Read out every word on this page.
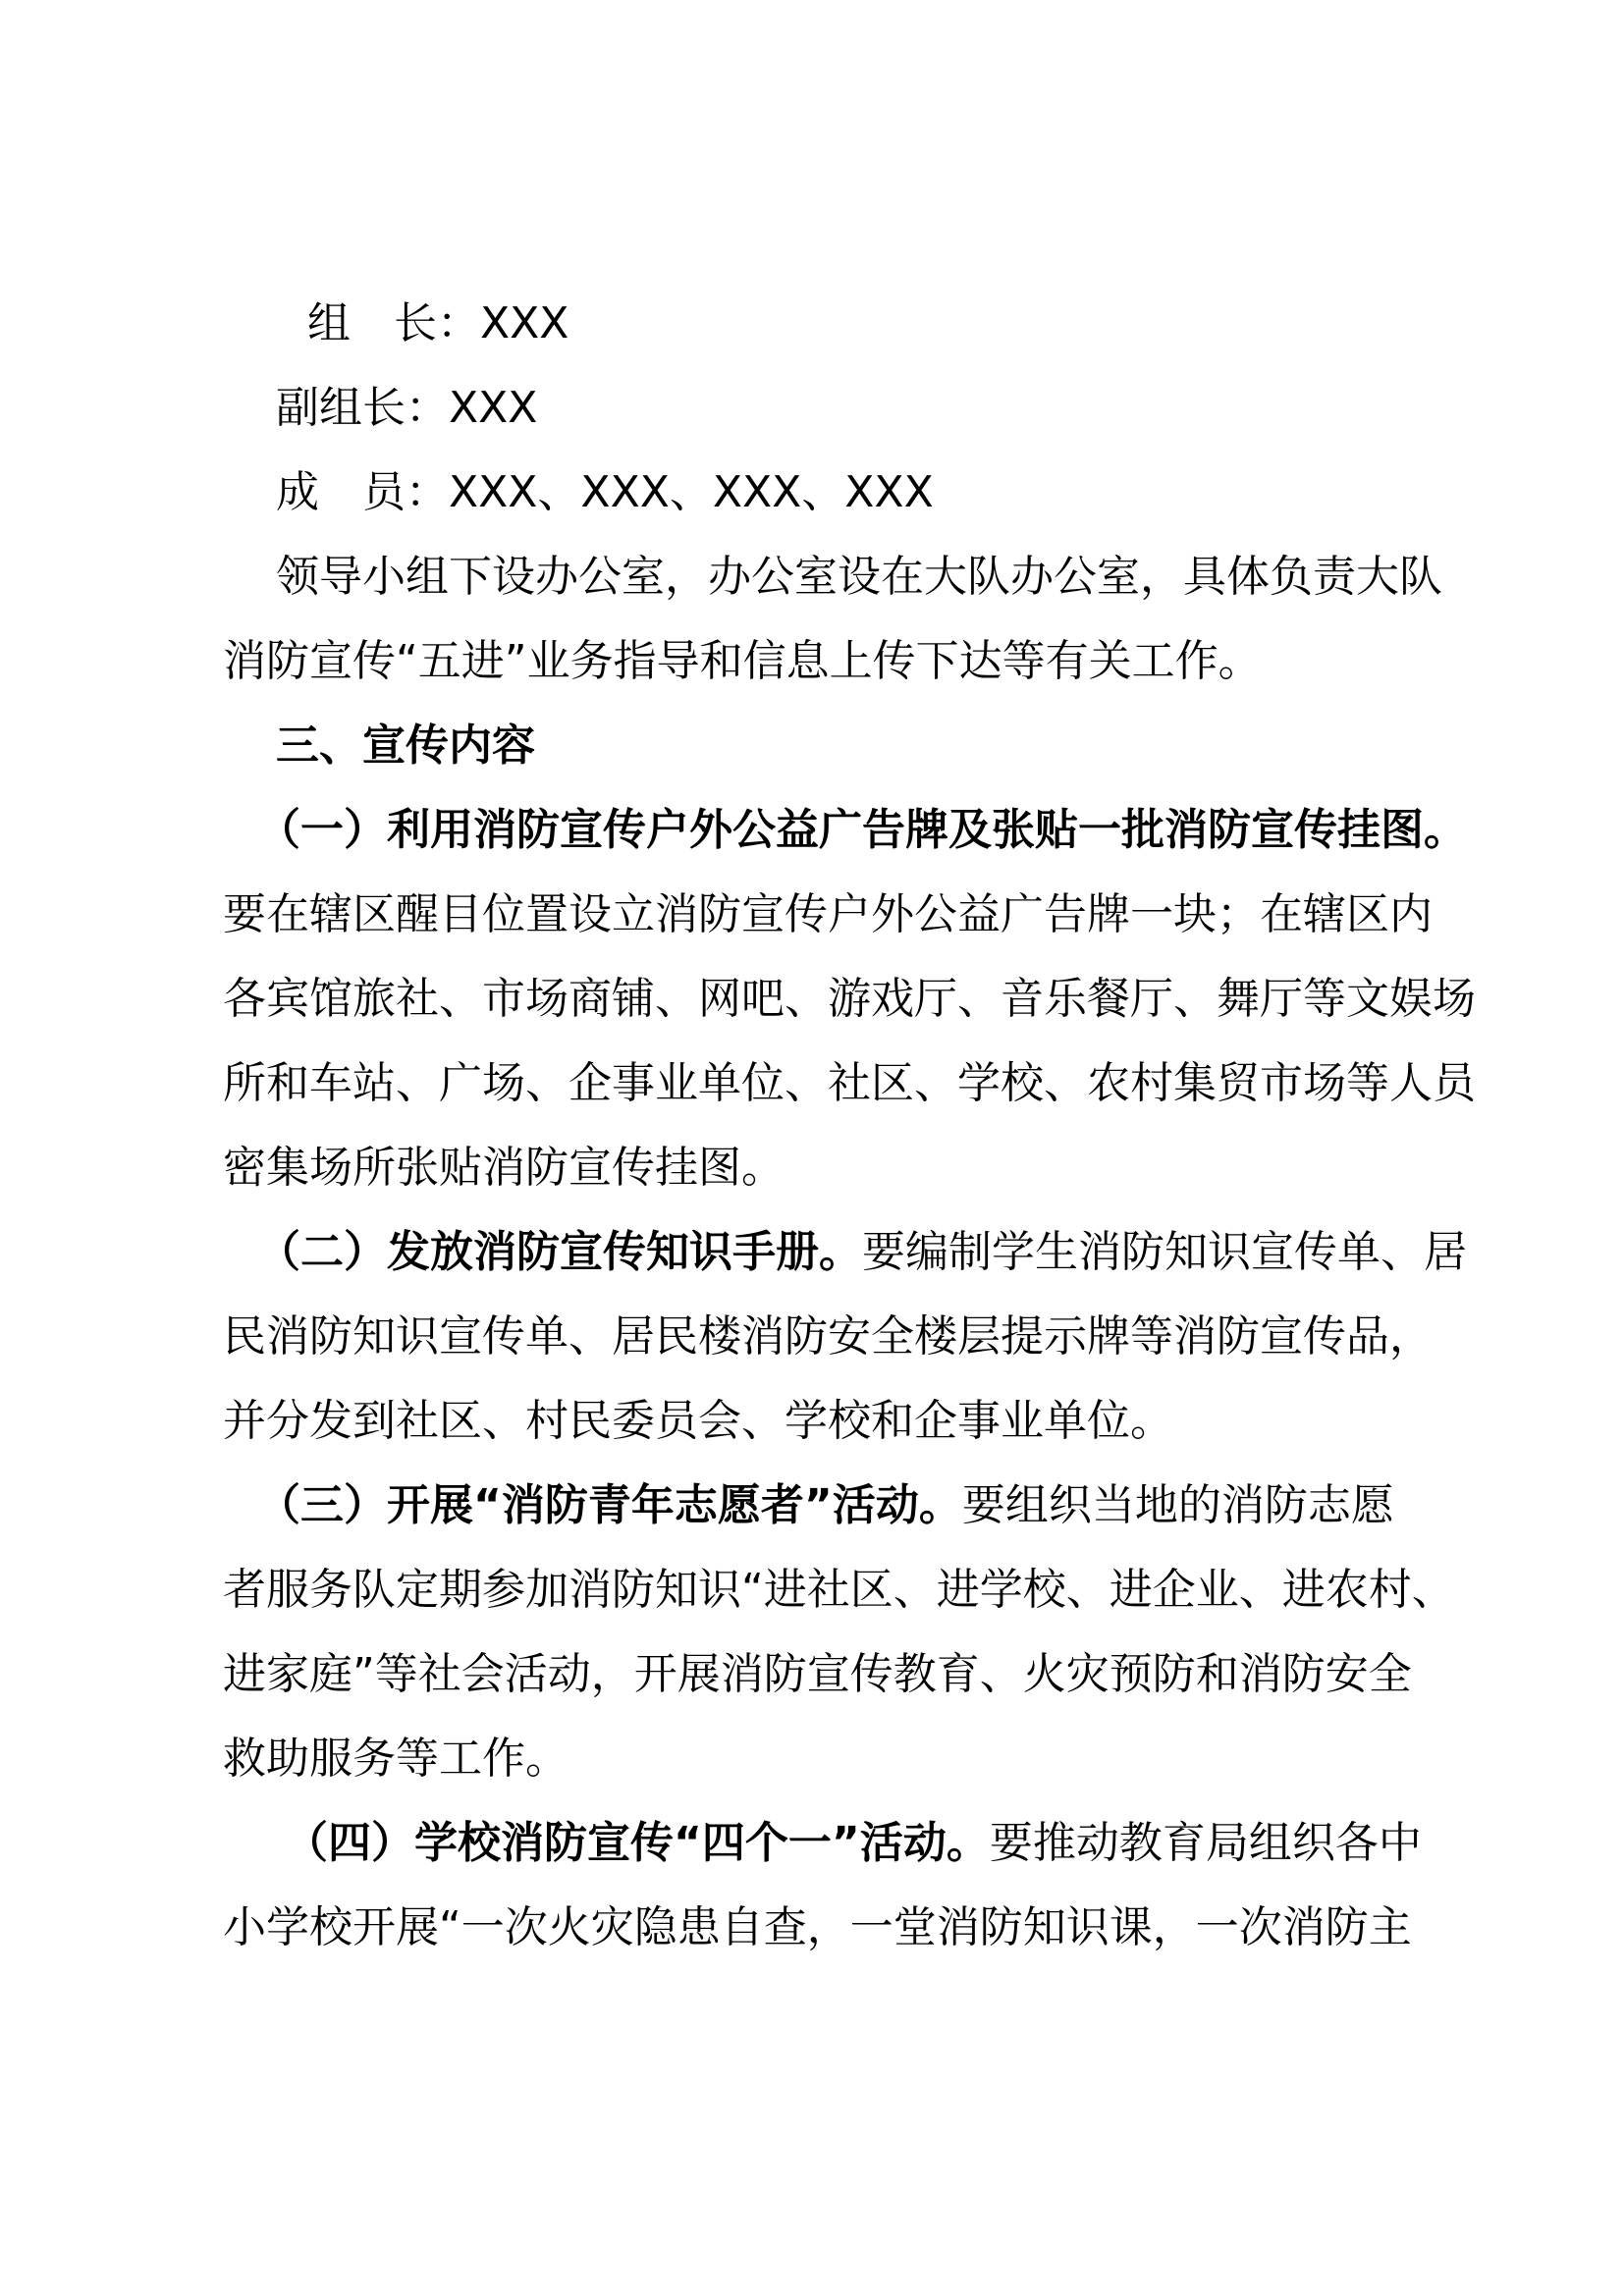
组　长：XXX
副组长：XXX
成　员：XXX、XXX、XXX、XXX
领导小组下设办公室，办公室设在大队办公室，具体负责大队
消防宣传“五进”业务指导和信息上传下达等有关工作。
三、宣传内容
（一）利用消防宣传户外公益广告牌及张贴一批消防宣传挂图。
要在辖区醒目位置设立消防宣传户外公益广告牌一块；在辖区内
各宾馆旅社、市场商铺、网吧、游戏厅、音乐餐厅、舞厅等文娱场
所和车站、广场、企事业单位、社区、学校、农村集贸市场等人员
密集场所张贴消防宣传挂图。
（二）发放消防宣传知识手册。要编制学生消防知识宣传单、居
民消防知识宣传单、居民楼消防安全楼层提示牌等消防宣传品，
并分发到社区、村民委员会、学校和企事业单位。
（三）开展“消防青年志愿者”活动。要组织当地的消防志愿
者服务队定期参加消防知识“进社区、进学校、进企业、进农村、
进家庭”等社会活动，开展消防宣传教育、火灾预防和消防安全
救助服务等工作。
（四）学校消防宣传“四个一”活动。要推动教育局组织各中
小学校开展“一次火灾隐患自查，一堂消防知识课，一次消防主
